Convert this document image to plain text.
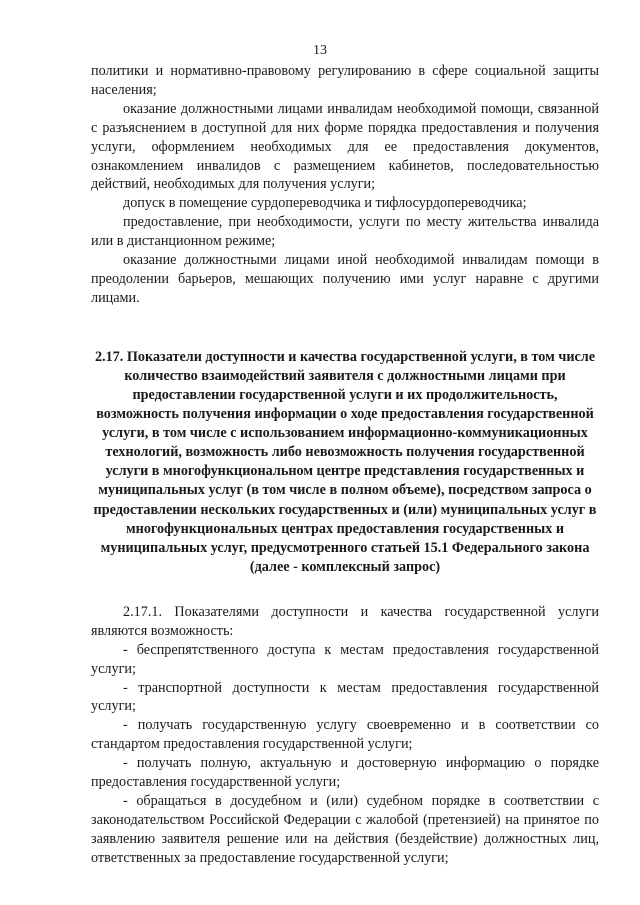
13

политики и нормативно-правовому регулированию в сфере социальной защиты населения;

оказание должностными лицами инвалидам необходимой помощи, связанной с разъяснением в доступной для них форме порядка предоставления и получения услуги, оформлением необходимых для ее предоставления документов, ознакомлением инвалидов с размещением кабинетов, последовательностью действий, необходимых для получения услуги;

допуск в помещение сурдопереводчика и тифлосурдопереводчика;

предоставление, при необходимости, услуги по месту жительства инвалида или в дистанционном режиме;

оказание должностными лицами иной необходимой инвалидам помощи в преодолении барьеров, мешающих получению ими услуг наравне с другими лицами.

2.17. Показатели доступности и качества государственной услуги, в том числе количество взаимодействий заявителя с должностными лицами при предоставлении государственной услуги и их продолжительность, возможность получения информации о ходе предоставления государственной услуги, в том числе с использованием информационно-коммуникационных технологий, возможность либо невозможность получения государственной услуги в многофункциональном центре представления государственных и муниципальных услуг (в том числе в полном объеме), посредством запроса о предоставлении нескольких государственных и (или) муниципальных услуг в многофункциональных центрах предоставления государственных и муниципальных услуг, предусмотренного статьей 15.1 Федерального закона (далее - комплексный запрос)

2.17.1. Показателями доступности и качества государственной услуги являются возможность:

- беспрепятственного доступа к местам предоставления государственной услуги;

- транспортной доступности к местам предоставления государственной услуги;

- получать государственную услугу своевременно и в соответствии со стандартом предоставления государственной услуги;

- получать полную, актуальную и достоверную информацию о порядке предоставления государственной услуги;

- обращаться в досудебном и (или) судебном порядке в соответствии с законодательством Российской Федерации с жалобой (претензией) на принятое по заявлению заявителя решение или на действия (бездействие) должностных лиц, ответственных за предоставление государственной услуги;
